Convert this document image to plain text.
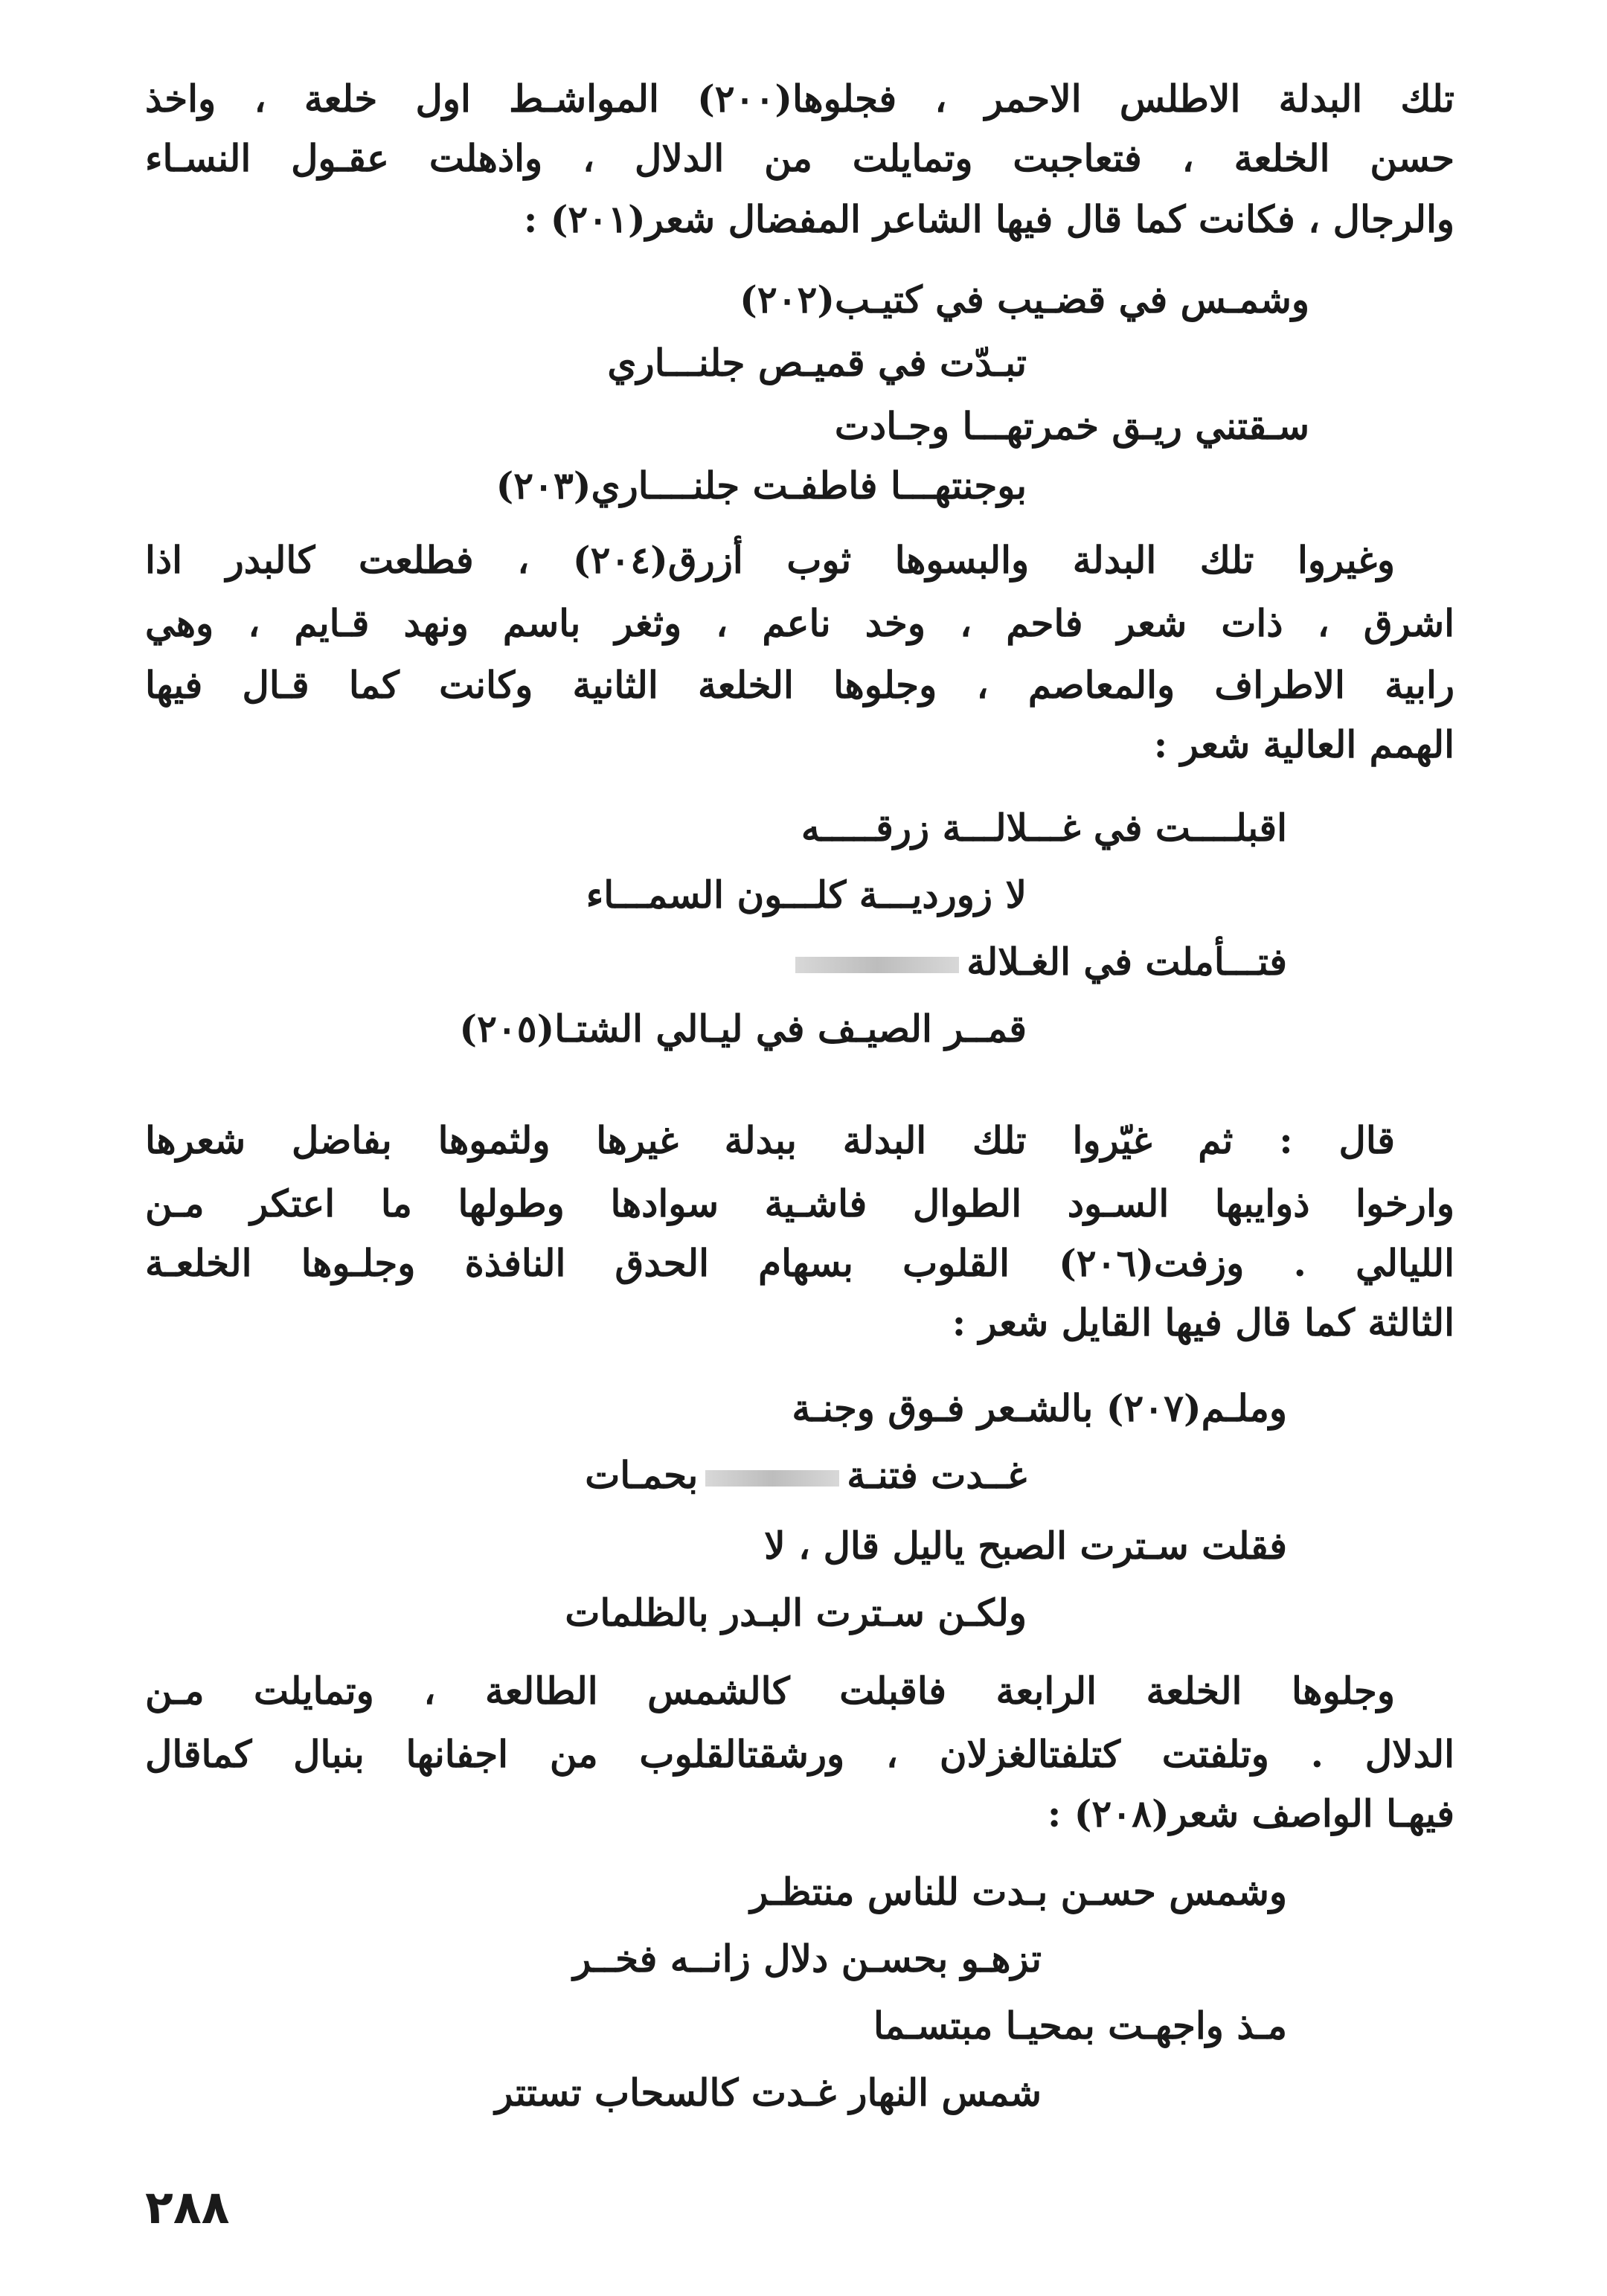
تلك البدلة الاطلس الاحمر ، فجلوها(٢٠٠) المواشـط اول خلعة ، واخذ
حسن الخلعة ، فتعاجبت وتمايلت من الدلال ، واذهلت عقـول النسـاء
والرجال ، فكانت كما قال فيها الشاعر المفضال شعر(٢٠١) :
وشمـس في قضـيب في كتيـب(٢٠٢)
تبـدّت في قميـص جلنـــاري
سـقتني ريـق خمرتهـــا وجـادت
بوجنتهـــا فاطفـت جلنــــاري(٢٠٣)
وغيروا تلك البدلة والبسوها ثوب أزرق(٢٠٤) ، فطلعت كالبدر اذا
اشرق ، ذات شعر فاحم ، وخد ناعم ، وثغر باسم ونهد قـايم ، وهي
رابية الاطراف والمعاصم ، وجلوها الخلعة الثانية وكانت كما قـال فيها
الهمم العالية شعر :
اقبلــــت في غـــلالـــة زرقـــــه
لا زورديـــة كلـــون السمـــاء
فتـــأملت في الغـلالة
قمــر الصيـف في ليـالي الشتـا(٢٠٥)
قال : ثم غيّروا تلك البدلة ببدلة غيرها ولثموها بفاضل شعرها
وارخوا ذوايبها السـود الطوال فاشـية سوادها وطولها ما اعتكر مـن
الليالي . وزفت(٢٠٦) القلوب بسهام الحدق النافذة وجلـوها الخلعـة
الثالثة كما قال فيها القايل شعر :
وملـم(٢٠٧) بالشـعر فـوق وجنـة
غــدت فتنـةبحمـات
فقلت سـترت الصبح ياليل قال ، لا
ولكـن سـترت البـدر بالظلمات
وجلوها الخلعة الرابعة فاقبلت كالشمس الطالعة ، وتمايلت مـن
الدلال . وتلفتت كتلفتالغزلان ، ورشقتالقلوب من اجفانها بنبال كماقال
فيهـا الواصف شعر(٢٠٨) :
وشمس حسـن بـدت للناس منتظـر
تزهـو بحسـن دلال زانــه فخــر
مـذ واجهـت بمحيـا مبتسـما
شمس النهار غـدت كالسحاب تستتر
٢٨٨
